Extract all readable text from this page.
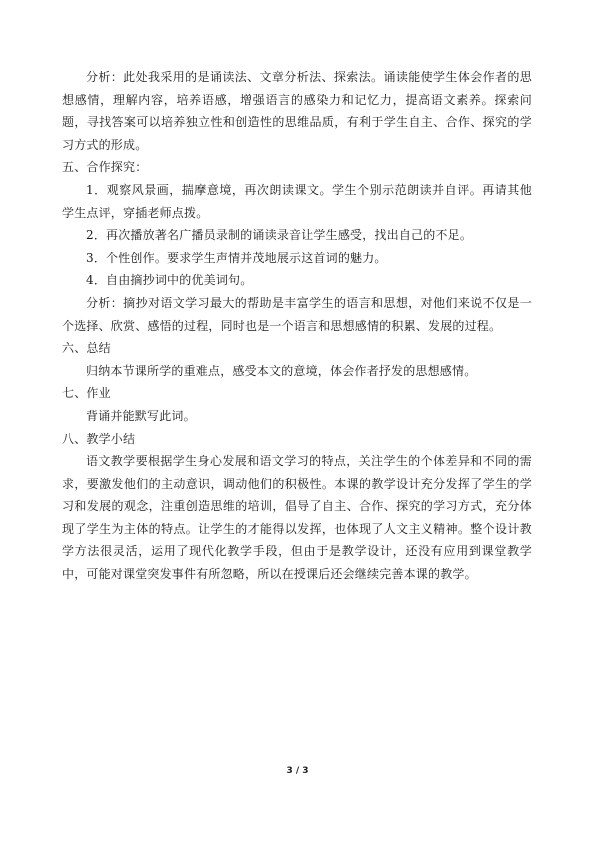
分析：此处我采用的是诵读法、文章分析法、探索法。诵读能使学生体会作者的思想感情，理解内容，培养语感，增强语言的感染力和记忆力，提高语文素养。探索问题，寻找答案可以培养独立性和创造性的思维品质，有利于学生自主、合作、探究的学习方式的形成。

五、合作探究：

1．观察风景画，揣摩意境，再次朗读课文。学生个别示范朗读并自评。再请其他学生点评，穿插老师点拨。

2．再次播放著名广播员录制的诵读录音让学生感受，找出自己的不足。

3．个性创作。要求学生声情并茂地展示这首词的魅力。

4．自由摘抄词中的优美词句。

分析：摘抄对语文学习最大的帮助是丰富学生的语言和思想，对他们来说不仅是一个选择、欣赏、感悟的过程，同时也是一个语言和思想感情的积累、发展的过程。

六、总结

归纳本节课所学的重难点，感受本文的意境，体会作者抒发的思想感情。

七、作业

背诵并能默写此词。

八、教学小结

语文教学要根据学生身心发展和语文学习的特点，关注学生的个体差异和不同的需求，要激发他们的主动意识，调动他们的积极性。本课的教学设计充分发挥了学生的学习和发展的观念，注重创造思维的培训，倡导了自主、合作、探究的学习方式，充分体现了学生为主体的特点。让学生的才能得以发挥，也体现了人文主义精神。整个设计教学方法很灵活，运用了现代化教学手段，但由于是教学设计，还没有应用到课堂教学中，可能对课堂突发事件有所忽略，所以在授课后还会继续完善本课的教学。

3 / 3
